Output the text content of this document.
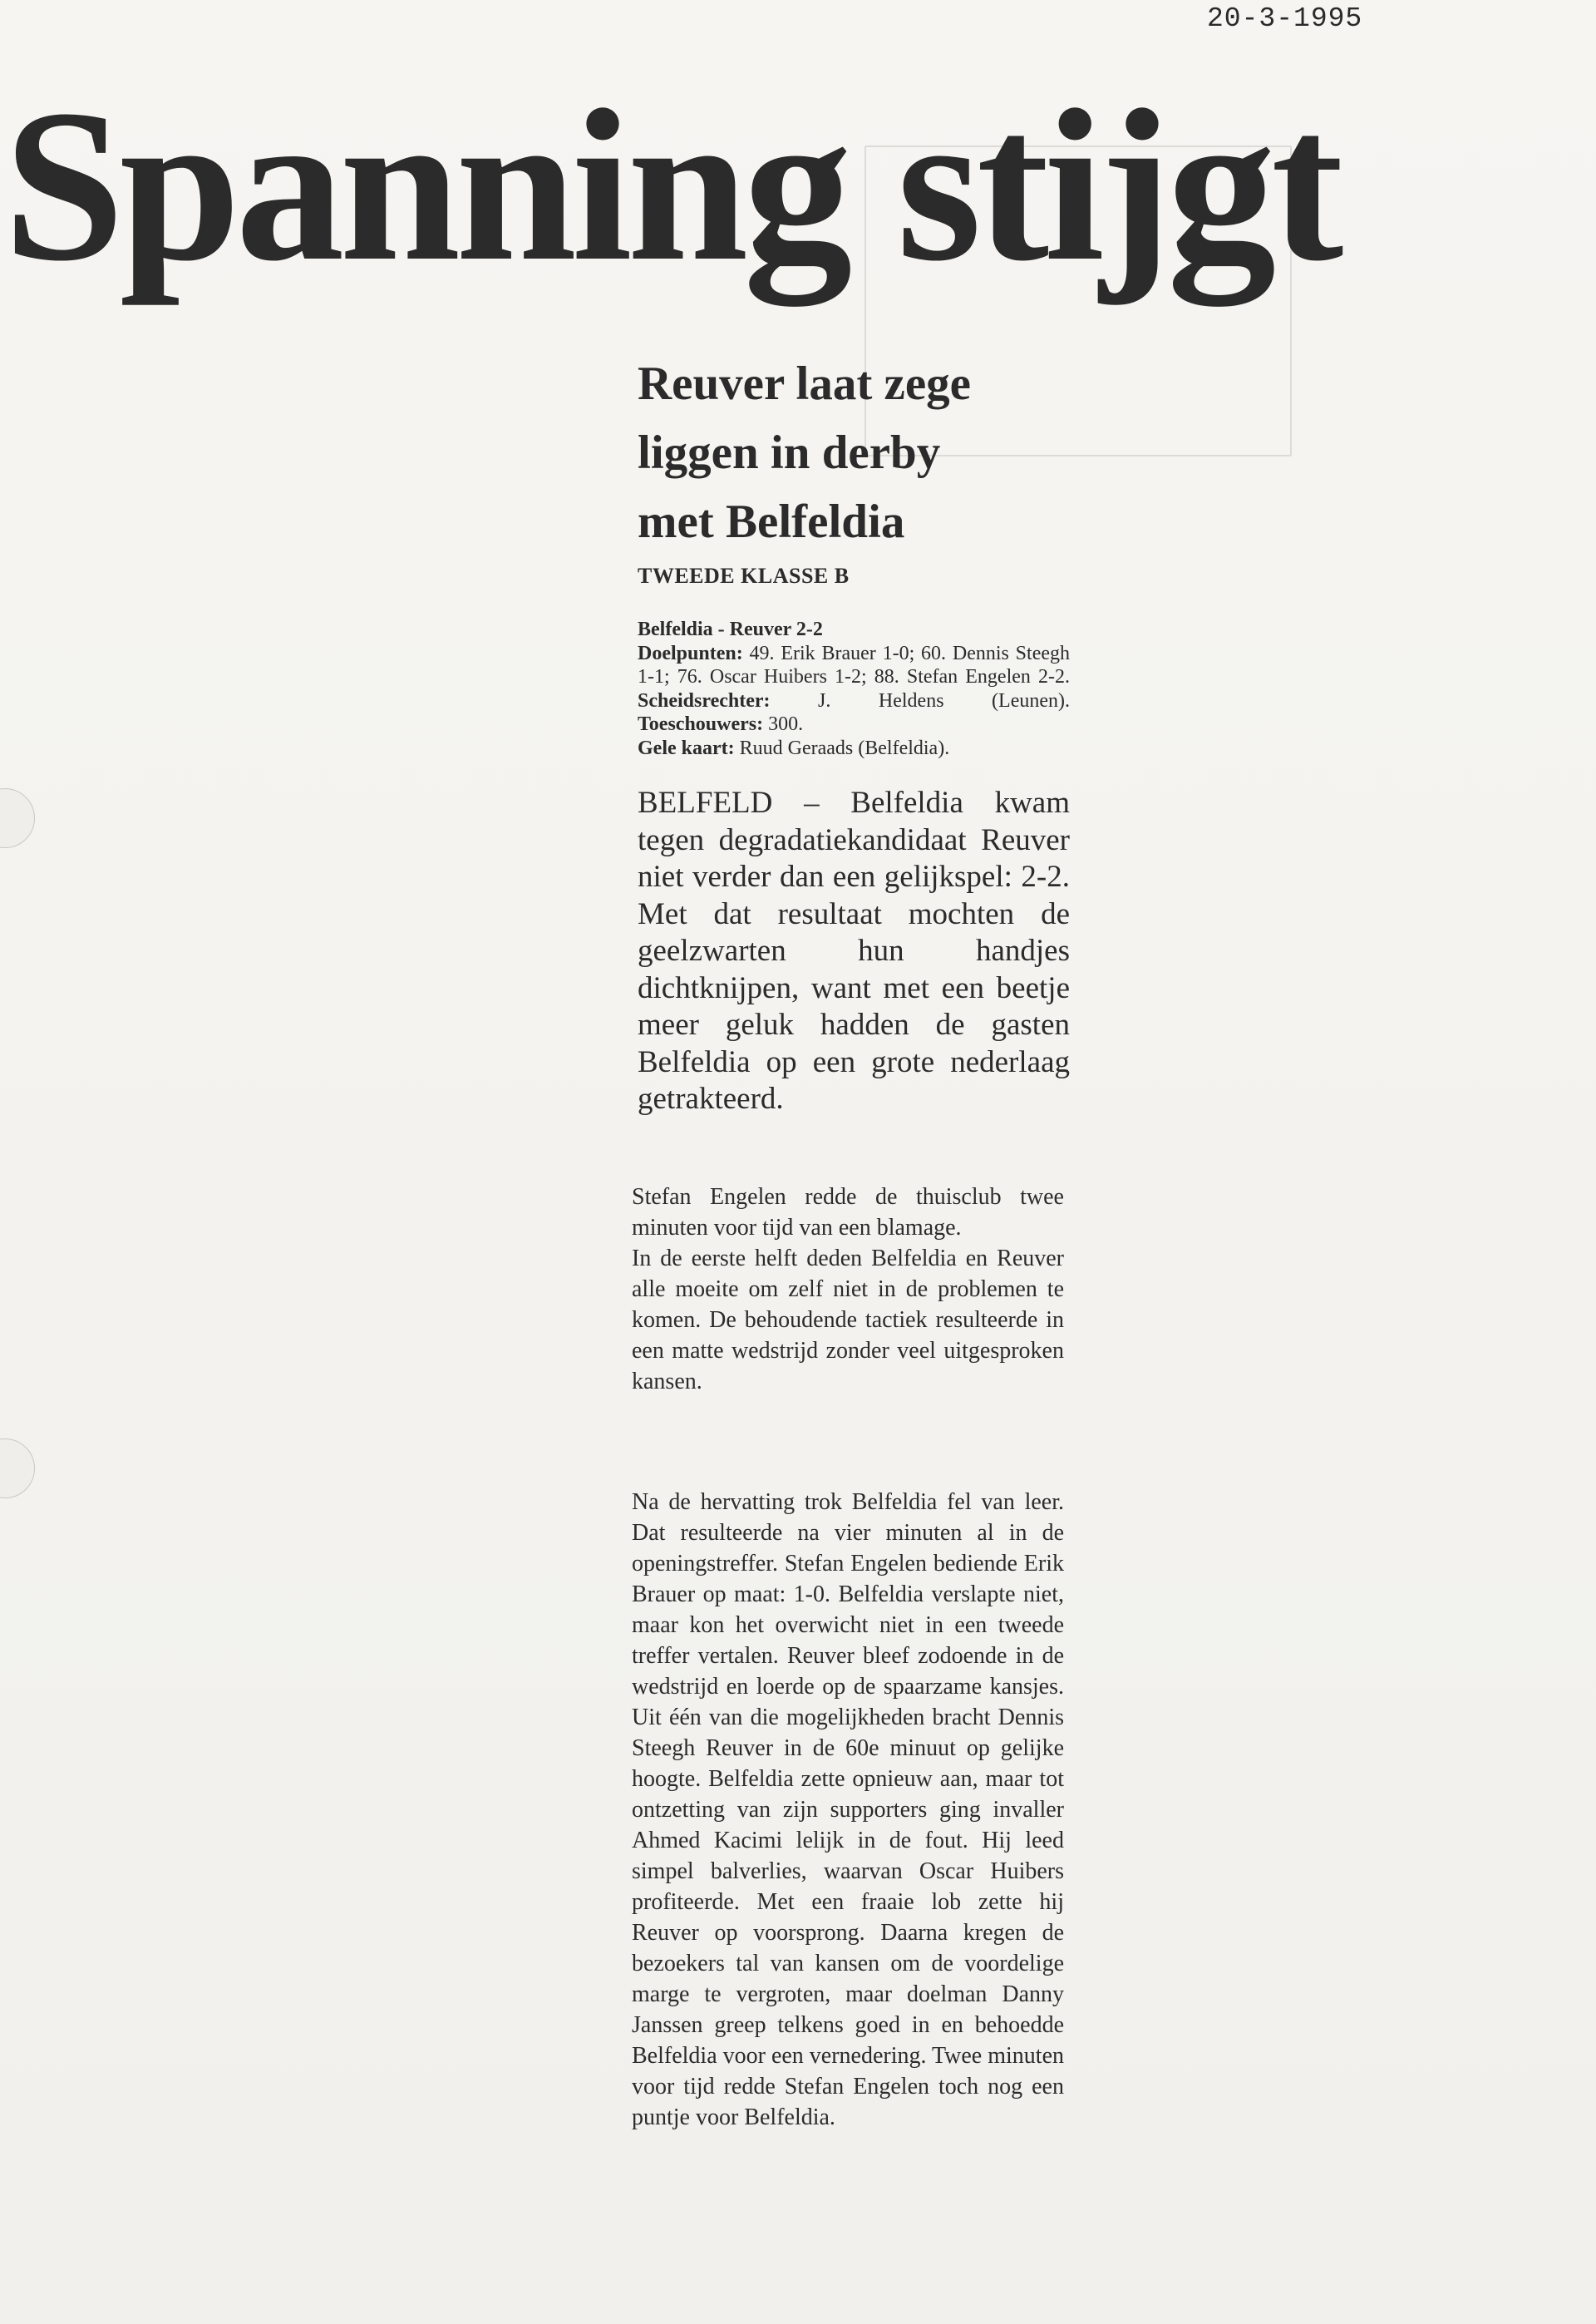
20-3-1995
Spanning stijgt
Reuver laat zege
liggen in derby
met Belfeldia
TWEEDE KLASSE B
Belfeldia - Reuver 2-2
Doelpunten: 49. Erik Brauer 1-0; 60. Dennis Steegh 1-1; 76. Oscar Huibers 1-2; 88. Stefan Engelen 2-2. Scheidsrechter: J. Heldens (Leunen). Toeschouwers: 300.
Gele kaart: Ruud Geraads (Belfeldia).
BELFELD – Belfeldia kwam tegen degradatiekandidaat Reuver niet verder dan een gelijkspel: 2-2. Met dat resultaat mochten de geelzwarten hun handjes dichtknijpen, want met een beetje meer geluk hadden de gasten Belfeldia op een grote nederlaag getrakteerd.

Stefan Engelen redde de thuisclub twee minuten voor tijd van een blamage.

In de eerste helft deden Belfeldia en Reuver alle moeite om zelf niet in de problemen te komen. De behoudende tactiek resulteerde in een matte wedstrijd zonder veel uitgesproken kansen.

Na de hervatting trok Belfeldia fel van leer. Dat resulteerde na vier minuten al in de openingstreffer. Stefan Engelen bediende Erik Brauer op maat: 1-0. Belfeldia verslapte niet, maar kon het overwicht niet in een tweede treffer vertalen. Reuver bleef zodoende in de wedstrijd en loerde op de spaarzame kansjes. Uit één van die mogelijkheden bracht Dennis Steegh Reuver in de 60e minuut op gelijke hoogte. Belfeldia zette opnieuw aan, maar tot ontzetting van zijn supporters ging invaller Ahmed Kacimi lelijk in de fout. Hij leed simpel balverlies, waarvan Oscar Huibers profiteerde. Met een fraaie lob zette hij Reuver op voorsprong. Daarna kregen de bezoekers tal van kansen om de voordelige marge te vergroten, maar doelman Danny Janssen greep telkens goed in en behoedde Belfeldia voor een vernedering. Twee minuten voor tijd redde Stefan Engelen toch nog een puntje voor Belfeldia.
